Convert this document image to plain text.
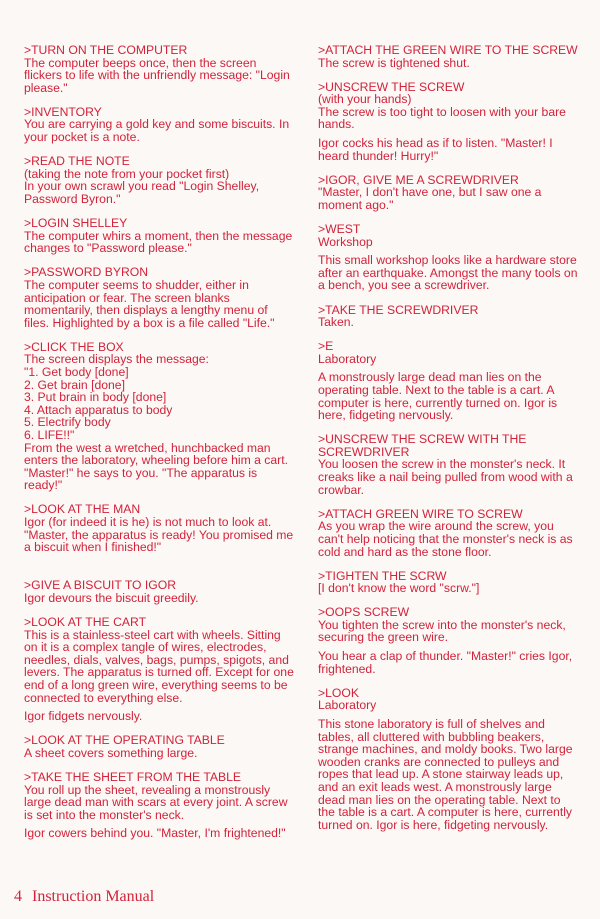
>TURN ON THE COMPUTER
The computer beeps once, then the screen flickers to life with the unfriendly message: "Login please."
>INVENTORY
You are carrying a gold key and some biscuits. In your pocket is a note.
>READ THE NOTE
(taking the note from your pocket first)
In your own scrawl you read "Login Shelley, Password Byron."
>LOGIN SHELLEY
The computer whirs a moment, then the message changes to "Password please."
>PASSWORD BYRON
The computer seems to shudder, either in anticipation or fear. The screen blanks momentarily, then displays a lengthy menu of files. Highlighted by a box is a file called "Life."
>CLICK THE BOX
The screen displays the message:
"1. Get body [done]
2. Get brain [done]
3. Put brain in body [done]
4. Attach apparatus to body
5. Electrify body
6. LIFE!!"
From the west a wretched, hunchbacked man enters the laboratory, wheeling before him a cart. "Master!" he says to you. "The apparatus is ready!"
>LOOK AT THE MAN
Igor (for indeed it is he) is not much to look at. "Master, the apparatus is ready! You promised me a biscuit when I finished!"
>GIVE A BISCUIT TO IGOR
Igor devours the biscuit greedily.
>LOOK AT THE CART
This is a stainless-steel cart with wheels. Sitting on it is a complex tangle of wires, electrodes, needles, dials, valves, bags, pumps, spigots, and levers. The apparatus is turned off. Except for one end of a long green wire, everything seems to be connected to everything else.
Igor fidgets nervously.
>LOOK AT THE OPERATING TABLE
A sheet covers something large.
>TAKE THE SHEET FROM THE TABLE
You roll up the sheet, revealing a monstrously large dead man with scars at every joint. A screw is set into the monster's neck.
Igor cowers behind you. "Master, I'm frightened!"
>ATTACH THE GREEN WIRE TO THE SCREW
The screw is tightened shut.
>UNSCREW THE SCREW
(with your hands)
The screw is too tight to loosen with your bare hands.
Igor cocks his head as if to listen. "Master! I heard thunder! Hurry!"
>IGOR, GIVE ME A SCREWDRIVER
"Master, I don't have one, but I saw one a moment ago."
>WEST
Workshop
This small workshop looks like a hardware store after an earthquake. Amongst the many tools on a bench, you see a screwdriver.
>TAKE THE SCREWDRIVER
Taken.
>E
Laboratory
A monstrously large dead man lies on the operating table. Next to the table is a cart. A computer is here, currently turned on. Igor is here, fidgeting nervously.
>UNSCREW THE SCREW WITH THE SCREWDRIVER
You loosen the screw in the monster's neck. It creaks like a nail being pulled from wood with a crowbar.
>ATTACH GREEN WIRE TO SCREW
As you wrap the wire around the screw, you can't help noticing that the monster's neck is as cold and hard as the stone floor.
>TIGHTEN THE SCRW
[I don't know the word "scrw."]
>OOPS SCREW
You tighten the screw into the monster's neck, securing the green wire.
You hear a clap of thunder. "Master!" cries Igor, frightened.
>LOOK
Laboratory
This stone laboratory is full of shelves and tables, all cluttered with bubbling beakers, strange machines, and moldy books. Two large wooden cranks are connected to pulleys and ropes that lead up. A stone stairway leads up, and an exit leads west. A monstrously large dead man lies on the operating table. Next to the table is a cart. A computer is here, currently turned on. Igor is here, fidgeting nervously.
4 Instruction Manual
